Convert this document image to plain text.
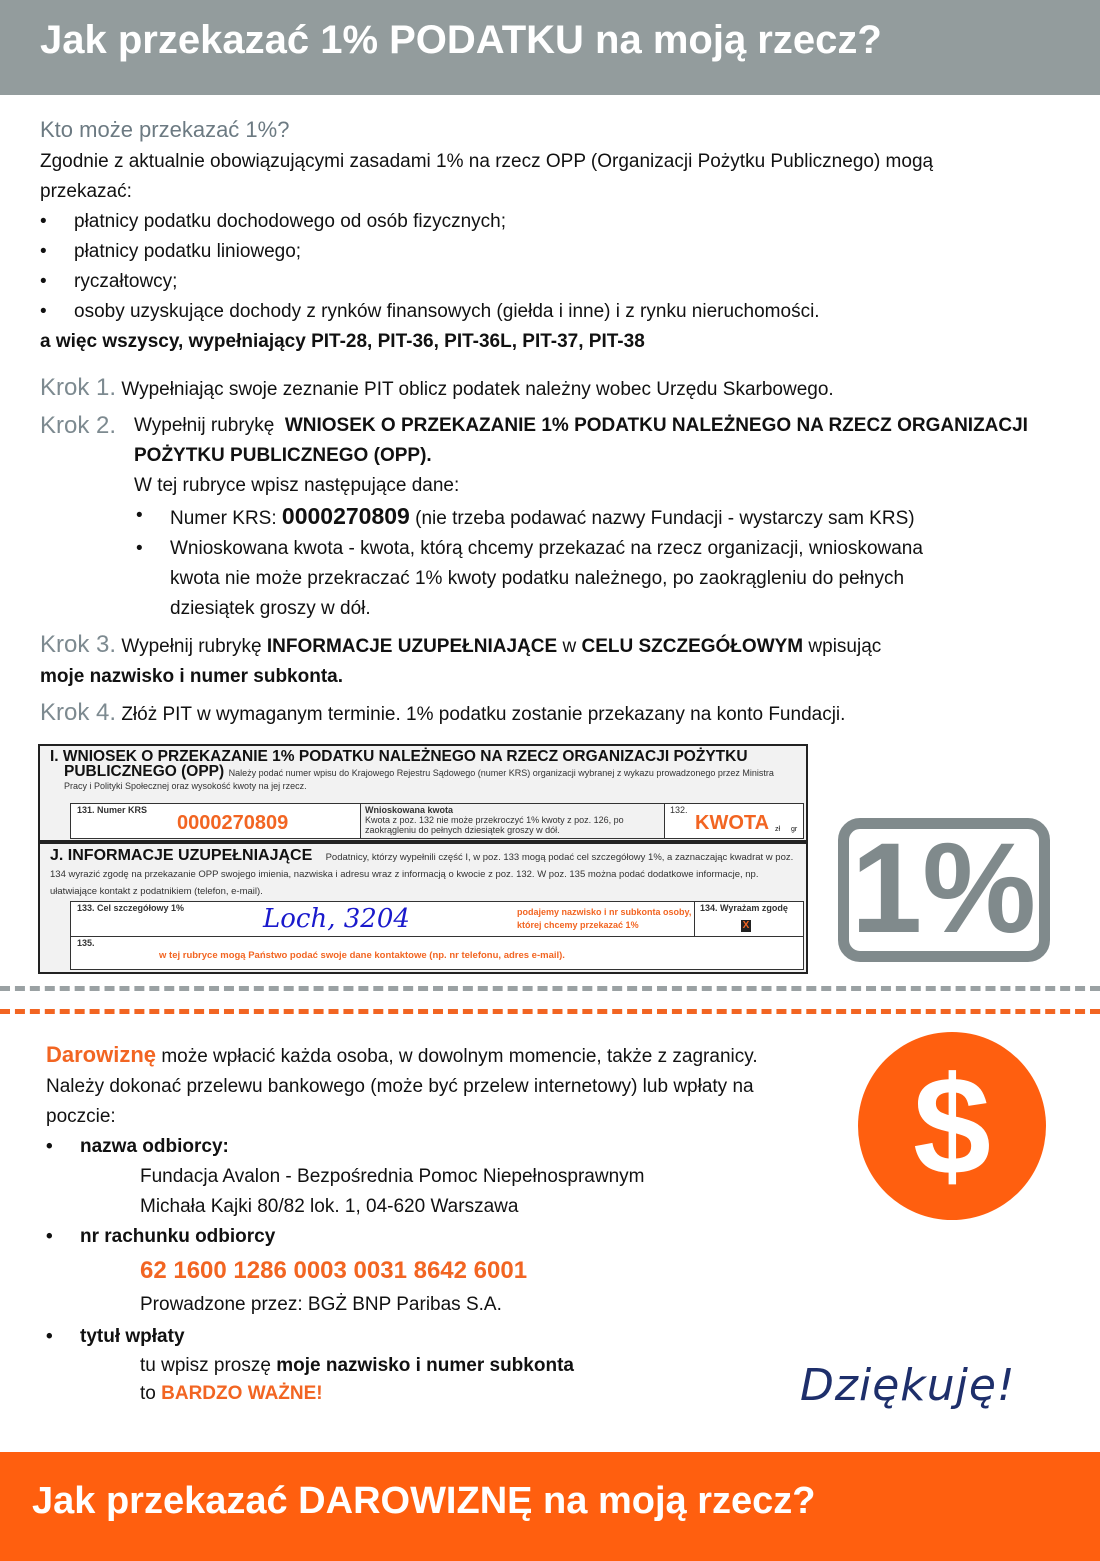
Jak przekazać 1% PODATKU na moją rzecz?
Kto może przekazać 1%?
Zgodnie z aktualnie obowiązującymi zasadami 1% na rzecz OPP (Organizacji Pożytku Publicznego) mogą przekazać:
• płatnicy podatku dochodowego od osób fizycznych;
• płatnicy podatku liniowego;
• ryczałtowcy;
• osoby uzyskujące dochody z rynków finansowych (giełda i inne) i z rynku nieruchomości.
a więc wszyscy, wypełniający PIT-28, PIT-36, PIT-36L, PIT-37, PIT-38
Krok 1. Wypełniając swoje zeznanie PIT oblicz podatek należny wobec Urzędu Skarbowego.
Krok 2. Wypełnij rubrykę WNIOSEK O PRZEKAZANIE 1% PODATKU NALEŻNEGO NA RZECZ ORGANIZACJI POŻYTKU PUBLICZNEGO (OPP).
W tej rubryce wpisz następujące dane:
• Numer KRS: 0000270809 (nie trzeba podawać nazwy Fundacji - wystarczy sam KRS)
• Wnioskowana kwota - kwota, którą chcemy przekazać na rzecz organizacji, wnioskowana kwota nie może przekraczać 1% kwoty podatku należnego, po zaokrągleniu do pełnych dziesiątek groszy w dół.
Krok 3. Wypełnij rubrykę INFORMACJE UZUPEŁNIAJĄCE w CELU SZCZEGÓŁOWYM wpisując
moje nazwisko i numer subkonta.
Krok 4. Złóż PIT w wymaganym terminie. 1% podatku zostanie przekazany na konto Fundacji.
I. WNIOSEK O PRZEKAZANIE 1% PODATKU NALEŻNEGO NA RZECZ ORGANIZACJI POŻYTKU
PUBLICZNEGO (OPP) Należy podać numer wpisu do Krajowego Rejestru Sądowego (numer KRS) organizacji wybranej z wykazu prowadzonego przez Ministra Pracy i Polityki Społecznej oraz wysokość kwoty na jej rzecz.
131. Numer KRS
0000270809
Wnioskowana kwota
Kwota z poz. 132 nie może przekroczyć 1% kwoty z poz. 126, po zaokrągleniu do pełnych dziesiątek groszy w dół.
132.
KWOTA zł gr
J. INFORMACJE UZUPEŁNIAJĄCE Podatnicy, którzy wypełnili część I, w poz. 133 mogą podać cel szczegółowy 1%, a zaznaczając kwadrat w poz. 134 wyrazić zgodę na przekazanie OPP swojego imienia, nazwiska i adresu wraz z informacją o kwocie z poz. 132. W poz. 135 można podać dodatkowe informacje, np. ułatwiające kontakt z podatnikiem (telefon, e-mail).
133. Cel szczegółowy 1%	Loch, 3204	podajemy nazwisko i nr subkonta osoby, której chcemy przekazać 1%
134. Wyrażam zgodę
X
135.
w tej rubryce mogą Państwo podać swoje dane kontaktowe (np. nr telefonu, adres e-mail). 1%
Darowiznę może wpłacić każda osoba, w dowolnym momencie, także z zagranicy. Należy dokonać przelewu bankowego (może być przelew internetowy) lub wpłaty na poczcie:
• nazwa odbiorcy:
Fundacja Avalon - Bezpośrednia Pomoc Niepełnosprawnym
Michała Kajki 80/82 lok. 1, 04-620 Warszawa
• nr rachunku odbiorcy
62 1600 1286 0003 0031 8642 6001
Prowadzone przez: BGŻ BNP Paribas S.A.
• tytuł wpłaty
tu wpisz proszę moje nazwisko i numer subkonta
to BARDZO WAŻNE!
$
Dziękuję!
Jak przekazać DAROWIZNĘ na moją rzecz?
